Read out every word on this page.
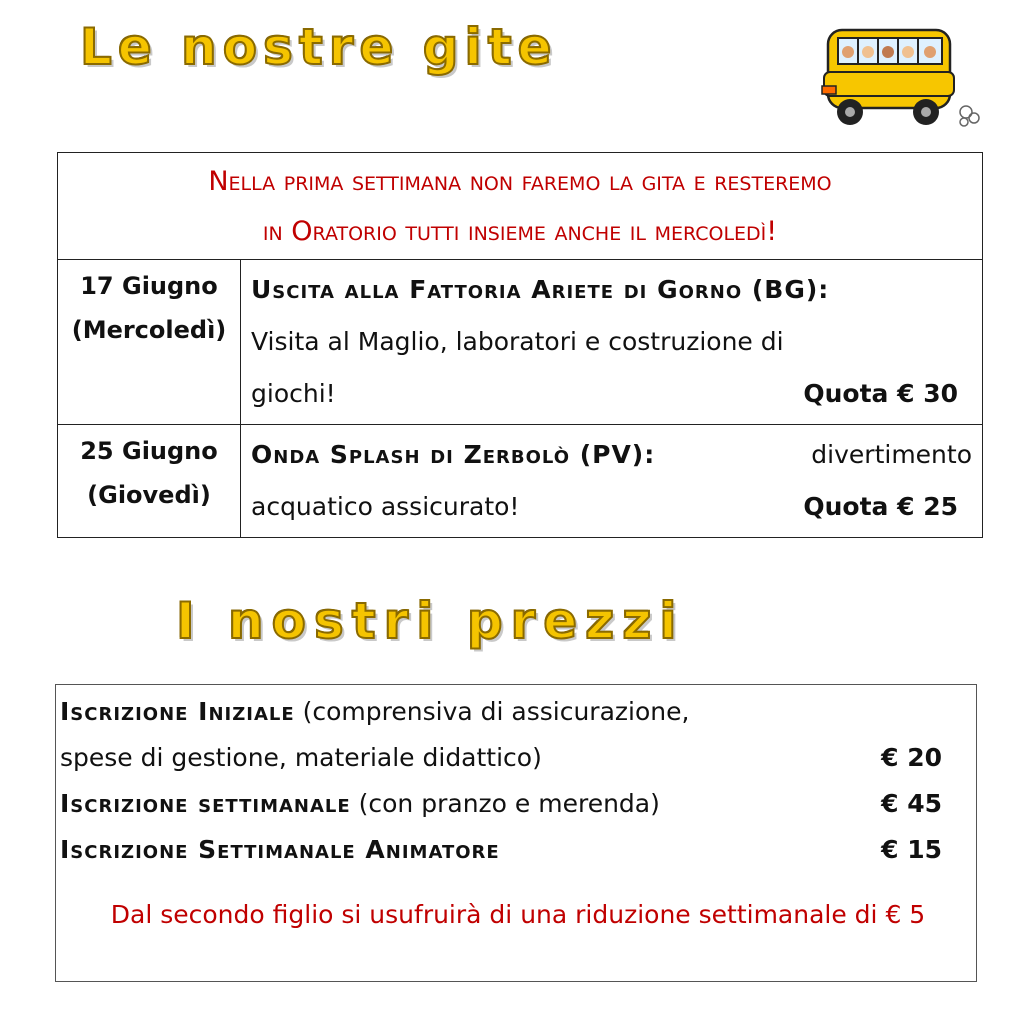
Le nostre gite
Nella prima settimana non faremo la gita e resteremo
in Oratorio tutti insieme anche il mercoledì!	
17 Giugno
(Mercoledì)	Uscita alla Fattoria Ariete di Gorno (BG):
Visita al Maglio, laboratori e costruzione di
giochi! Quota € 30

25 Giugno
(Giovedì)	Onda Splash di Zerbolò (PV): divertimento

acquatico assicurato! Quota € 25
I nostri prezzi
Iscrizione Iniziale (comprensiva di assicurazione,
spese di gestione, materiale didattico)	€ 20
Iscrizione settimanale (con pranzo e merenda)	€ 45
Iscrizione Settimanale Animatore	€ 15
Dal secondo figlio si usufruirà di una riduzione settimanale di € 5
